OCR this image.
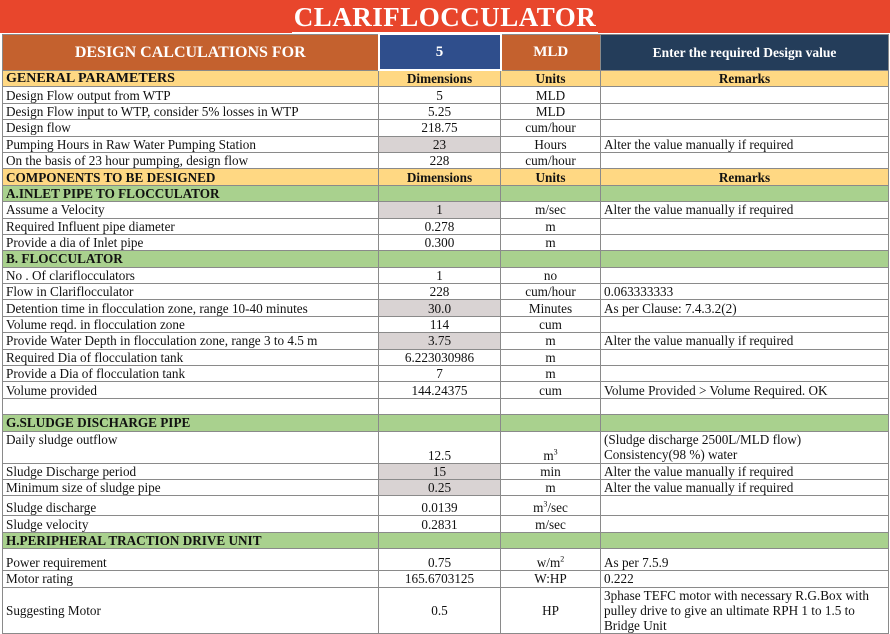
CLARIFLOCCULATOR
DESIGN CALCULATIONS FOR	5	MLD	Enter the required Design value
GENERAL PARAMETERS	Dimensions	Units	Remarks
Design Flow output from WTP	5	MLD	
Design Flow input to WTP, consider 5% losses in WTP	5.25	MLD	
Design flow	218.75	cum/hour	
Pumping Hours in Raw Water Pumping Station	23	Hours	Alter the value manually if required
On the basis of 23 hour pumping, design flow	228	cum/hour	
COMPONENTS TO BE DESIGNED	Dimensions	Units	Remarks
A.INLET PIPE TO FLOCCULATOR			
Assume a Velocity	1	m/sec	Alter the value manually if required
Required Influent pipe diameter	0.278	m	
Provide a dia of Inlet pipe	0.300	m	
B. FLOCCULATOR			
No . Of clariflocculators	1	no	
Flow in Clariflocculator	228	cum/hour	0.063333333
Detention time in flocculation zone, range 10-40 minutes	30.0	Minutes	As per Clause: 7.4.3.2(2)
Volume reqd. in flocculation zone	114	cum	
Provide Water Depth in flocculation zone, range 3 to 4.5 m	3.75	m	Alter the value manually if required
Required Dia of flocculation tank	6.223030986	m	
Provide a Dia of flocculation tank	7	m	
Volume provided	144.24375	cum	Volume Provided > Volume Required. OK

G.SLUDGE DISCHARGE PIPE			
Daily sludge outflow	12.5	$m^3$	(Sludge discharge 2500L/MLD flow)
Consistency(98 %) water

Sludge Discharge period	15	min	Alter the value manually if required
Minimum size of sludge pipe	0.25	m	Alter the value manually if required
Sludge discharge	0.0139	$m^3/\sec$	
Sludge velocity	0.2831	m/sec	
H.PERIPHERAL TRACTION DRIVE UNIT			
Power requirement	0.75	$w/m^2$	As per 7.5.9
Motor rating	165.6703125	W:HP	0.222
Suggesting Motor	0.5	HP	3phase TEFC motor with necessary R.G.Box with pulley drive to give an ultimate RPH 1 to 1.5 to Bridge Unit
